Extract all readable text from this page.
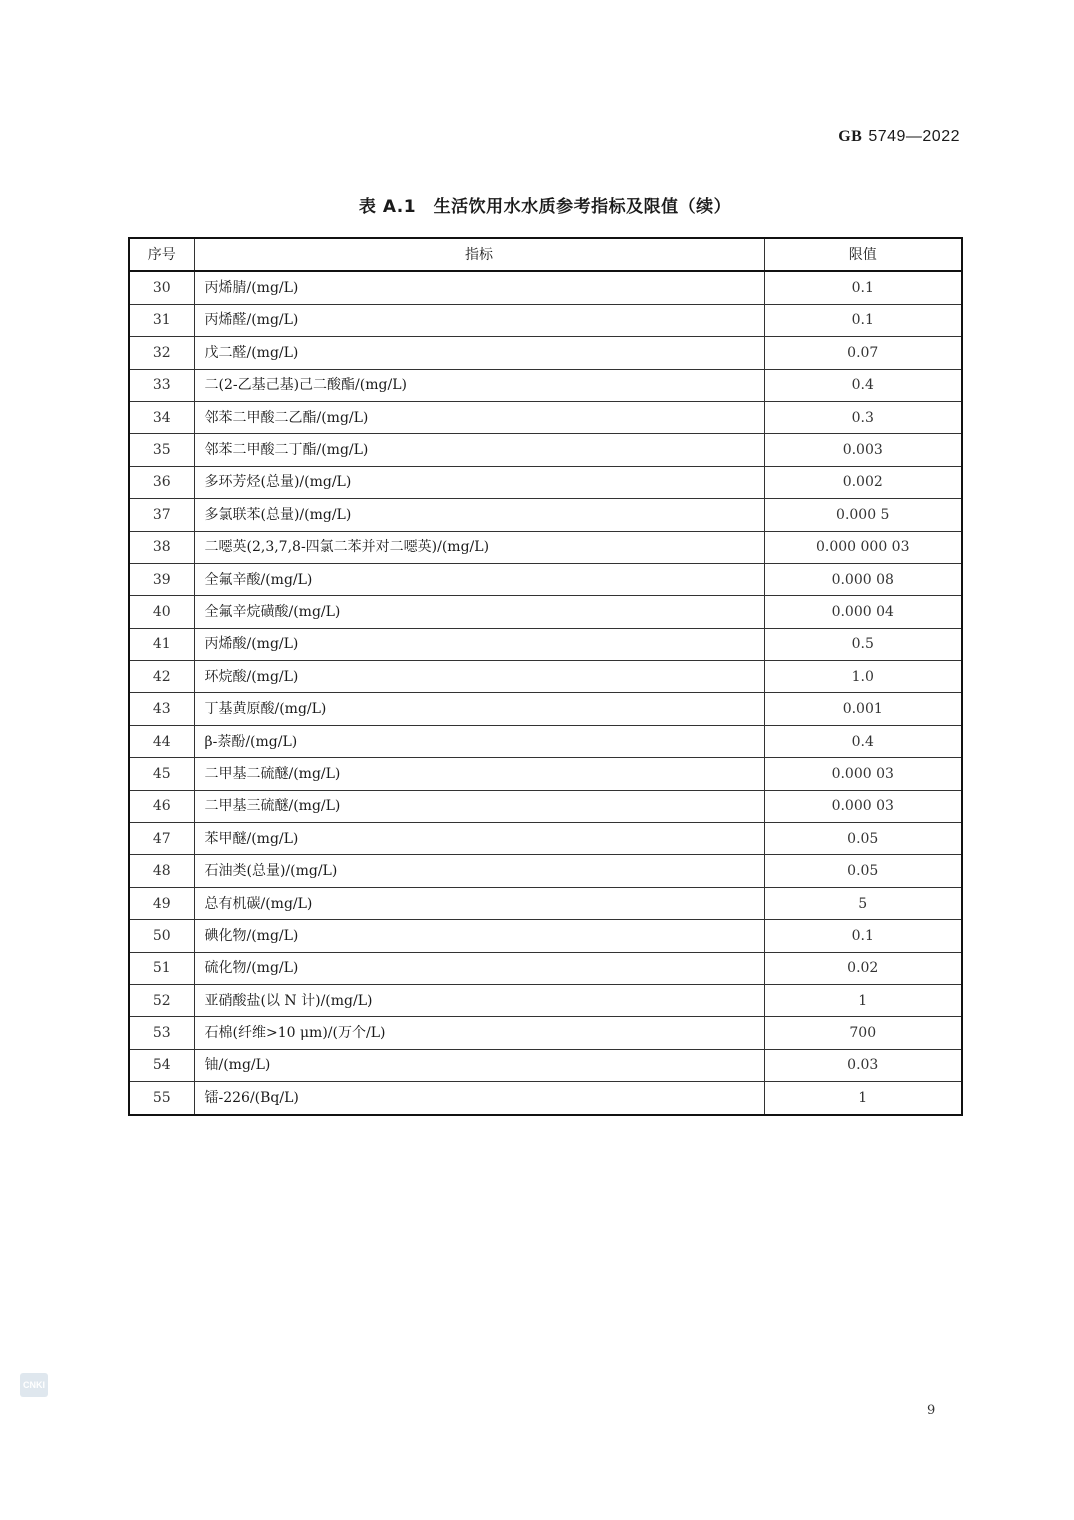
GB 5749—2022
表 A.1　生活饮用水水质参考指标及限值（续）
序号	指标	限值
30	丙烯腈/(mg/L)	0.1
31	丙烯醛/(mg/L)	0.1
32	戊二醛/(mg/L)	0.07
33	二(2-乙基己基)己二酸酯/(mg/L)	0.4
34	邻苯二甲酸二乙酯/(mg/L)	0.3
35	邻苯二甲酸二丁酯/(mg/L)	0.003
36	多环芳烃(总量)/(mg/L)	0.002
37	多氯联苯(总量)/(mg/L)	0.000 5
38	二噁英(2,3,7,8-四氯二苯并对二噁英)/(mg/L)	0.000 000 03
39	全氟辛酸/(mg/L)	0.000 08
40	全氟辛烷磺酸/(mg/L)	0.000 04
41	丙烯酸/(mg/L)	0.5
42	环烷酸/(mg/L)	1.0
43	丁基黄原酸/(mg/L)	0.001
44	β-萘酚/(mg/L)	0.4
45	二甲基二硫醚/(mg/L)	0.000 03
46	二甲基三硫醚/(mg/L)	0.000 03
47	苯甲醚/(mg/L)	0.05
48	石油类(总量)/(mg/L)	0.05
49	总有机碳/(mg/L)	5
50	碘化物/(mg/L)	0.1
51	硫化物/(mg/L)	0.02
52	亚硝酸盐(以 N 计)/(mg/L)	1
53	石棉(纤维>10 μm)/(万个/L)	700
54	铀/(mg/L)	0.03
55	镭-226/(Bq/L)	1
CNKI
9
